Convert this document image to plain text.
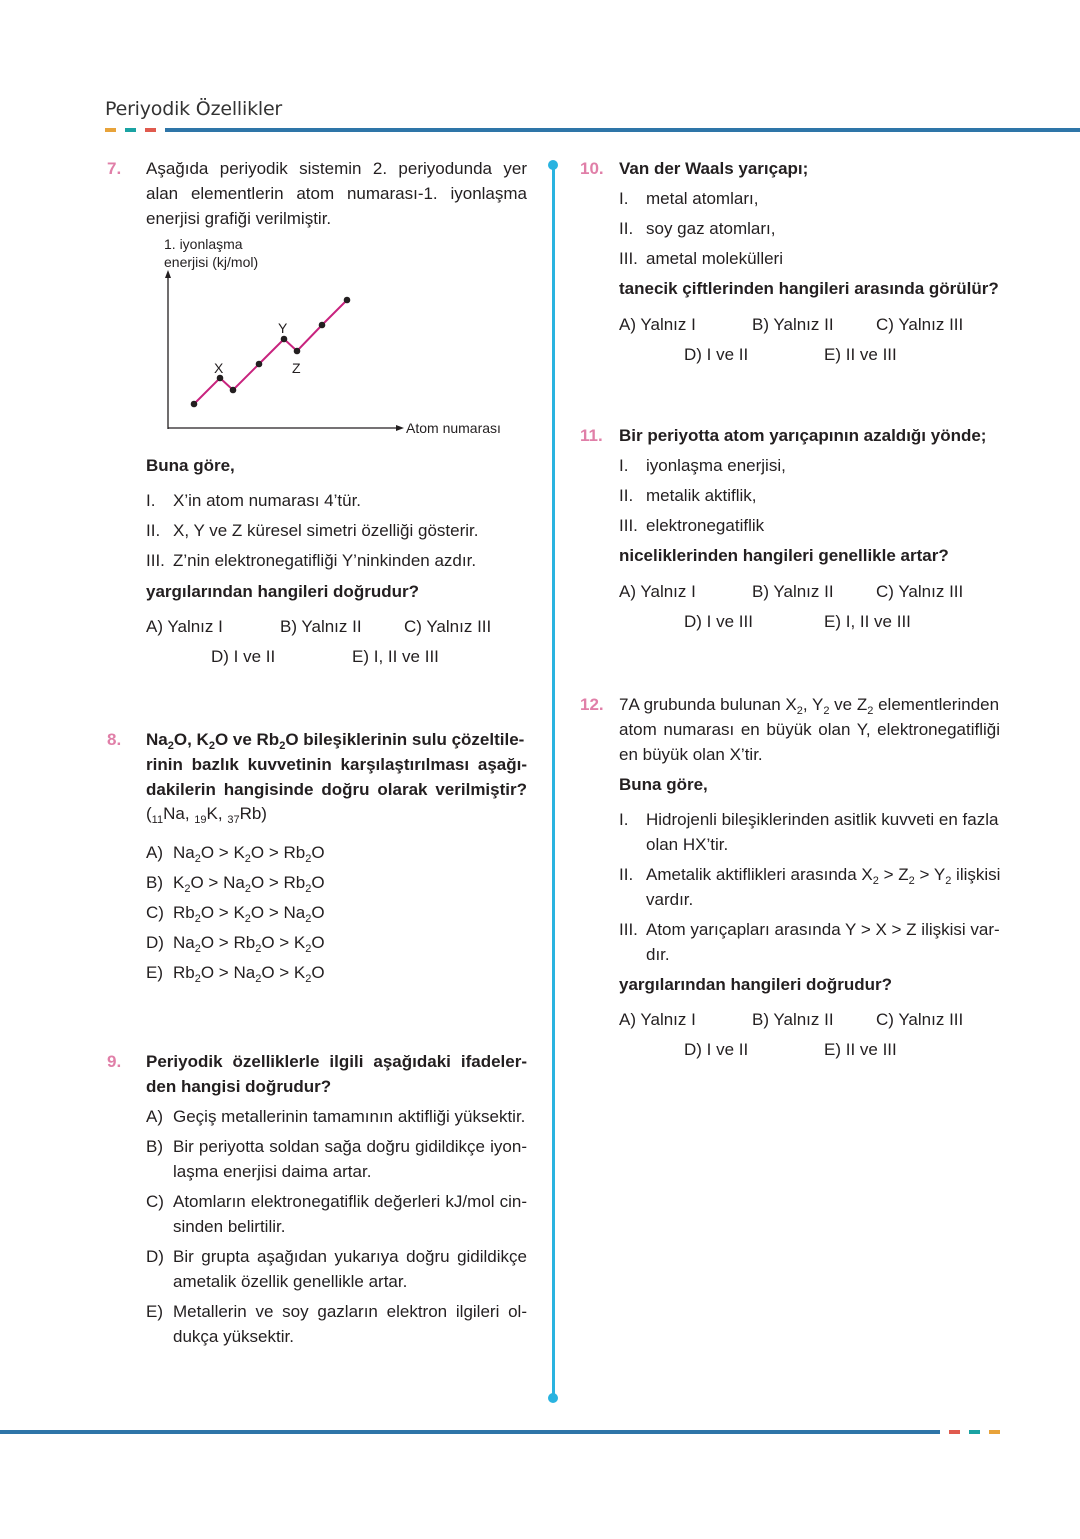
Periyodik Özellikler
7. Aşağıda periyodik sistemin 2. periyodunda yer
alan elementlerin atom numarası-1. iyonlaşma
enerjisi grafiği verilmiştir.
1. iyonlaşma
enerjisi (kj/mol)
X
Y
Z
Atom numarası
Buna göre,
I. X’in atom numarası 4’tür.
II. X, Y ve Z küresel simetri özelliği gösterir.
III. Z’nin elektronegatifliği Y’ninkinden azdır.
yargılarından hangileri doğrudur?
A) Yalnız I	B) Yalnız II C) Yalnız III
D) I ve II	E) I, II ve III
8. $Na_2O$, $K_2O$ ve $Rb_2O$ bileşiklerinin sulu çözeltile-
rinin bazlık kuvvetinin karşılaştırılması aşağı-
dakilerin hangisinde doğru olarak verilmiştir?
($_{11}Na$, $_{19}$K, $_{37}$Rb)
A) $Na_2O > K_2O > Rb_2O$
B) $K_2O > Na_2O > Rb_2O$
C) $Rb_2O > K_2O > Na_2O$
D) $Na_2O > Rb_2O > K_2O$
E) $Rb_2O > Na_2O > K_2O$
9. Periyodik özelliklerle ilgili aşağıdaki ifadeler-
den hangisi doğrudur?
A) Geçiş metallerinin tamamının aktifliği yüksektir.
B) Bir periyotta soldan sağa doğru gidildikçe iyon-
laşma enerjisi daima artar.
C) Atomların elektronegatiflik değerleri kJ/mol cin-
sinden belirtilir.
D) Bir grupta aşağıdan yukarıya doğru gidildikçe
ametalik özellik genellikle artar.
E) Metallerin ve soy gazların elektron ilgileri ol-
dukça yüksektir.
10. Van der Waals yarıçapı;
I. metal atomları,
II. soy gaz atomları,
III. ametal molekülleri
tanecik çiftlerinden hangileri arasında görülür?
A) Yalnız I	B) Yalnız II C) Yalnız III
D) I ve II	E) II ve III
11. Bir periyotta atom yarıçapının azaldığı yönde;
I. iyonlaşma enerjisi,
II. metalik aktiflik,
III. elektronegatiflik
niceliklerinden hangileri genellikle artar?
A) Yalnız I	B) Yalnız II C) Yalnız III
D) I ve III	E) I, II ve III
12. 7A grubunda bulunan $X_2$, $Y_2$ ve $Z_2$ elementlerinden
atom numarası en büyük olan Y, elektronegatifliği
en büyük olan X’tir.
Buna göre,
I.	Hidrojenli bileşiklerinden asitlik kuvveti en fazla
olan HX’tir.
II. Ametalik aktiflikleri arasında $X_2 > Z_2 > Y_2$ ilişkisi
vardır.
III. Atom yarıçapları arasında Y > X > Z ilişkisi var-
dır.
yargılarından hangileri doğrudur?
A) Yalnız I	B) Yalnız II C) Yalnız III
D) I ve II	E) II ve III
